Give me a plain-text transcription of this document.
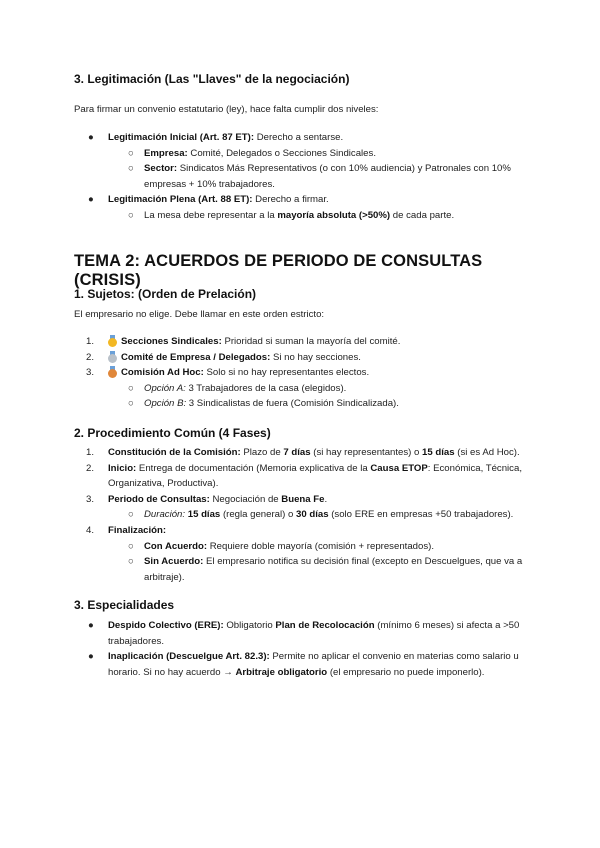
3. Legitimación (Las "Llaves" de la negociación)
Para firmar un convenio estatutario (ley), hace falta cumplir dos niveles:
● Legitimación Inicial (Art. 87 ET): Derecho a sentarse.
○ Empresa: Comité, Delegados o Secciones Sindicales.
○ Sector: Sindicatos Más Representativos (o con 10% audiencia) y Patronales con 10%
empresas + 10% trabajadores.
● Legitimación Plena (Art. 88 ET): Derecho a firmar.
○ La mesa debe representar a la mayoría absoluta (>50%) de cada parte.
TEMA 2: ACUERDOS DE PERIODO DE CONSULTAS (CRISIS)
1. Sujetos: (Orden de Prelación)
El empresario no elige. Debe llamar en este orden estricto:
1.	Secciones Sindicales: Prioridad si suman la mayoría del comité.
2.	Comité de Empresa / Delegados: Si no hay secciones.
3.	Comisión Ad Hoc: Solo si no hay representantes electos.
○ Opción A: 3 Trabajadores de la casa (elegidos).
○ Opción B: 3 Sindicalistas de fuera (Comisión Sindicalizada).
2. Procedimiento Común (4 Fases)
1. Constitución de la Comisión: Plazo de 7 días (si hay representantes) o 15 días (si es Ad Hoc).
2. Inicio: Entrega de documentación (Memoria explicativa de la Causa ETOP: Económica, Técnica,
Organizativa, Productiva).
3. Periodo de Consultas: Negociación de Buena Fe.
○ Duración: 15 días (regla general) o 30 días (solo ERE en empresas +50 trabajadores).
4. Finalización:
○ Con Acuerdo: Requiere doble mayoría (comisión + representados).
○ Sin Acuerdo: El empresario notifica su decisión final (excepto en Descuelgues, que va a
arbitraje).
3. Especialidades
● Despido Colectivo (ERE): Obligatorio Plan de Recolocación (mínimo 6 meses) si afecta a >50
trabajadores.
● Inaplicación (Descuelgue Art. 82.3): Permite no aplicar el convenio en materias como salario u
horario. Si no hay acuerdo → Arbitraje obligatorio (el empresario no puede imponerlo).
